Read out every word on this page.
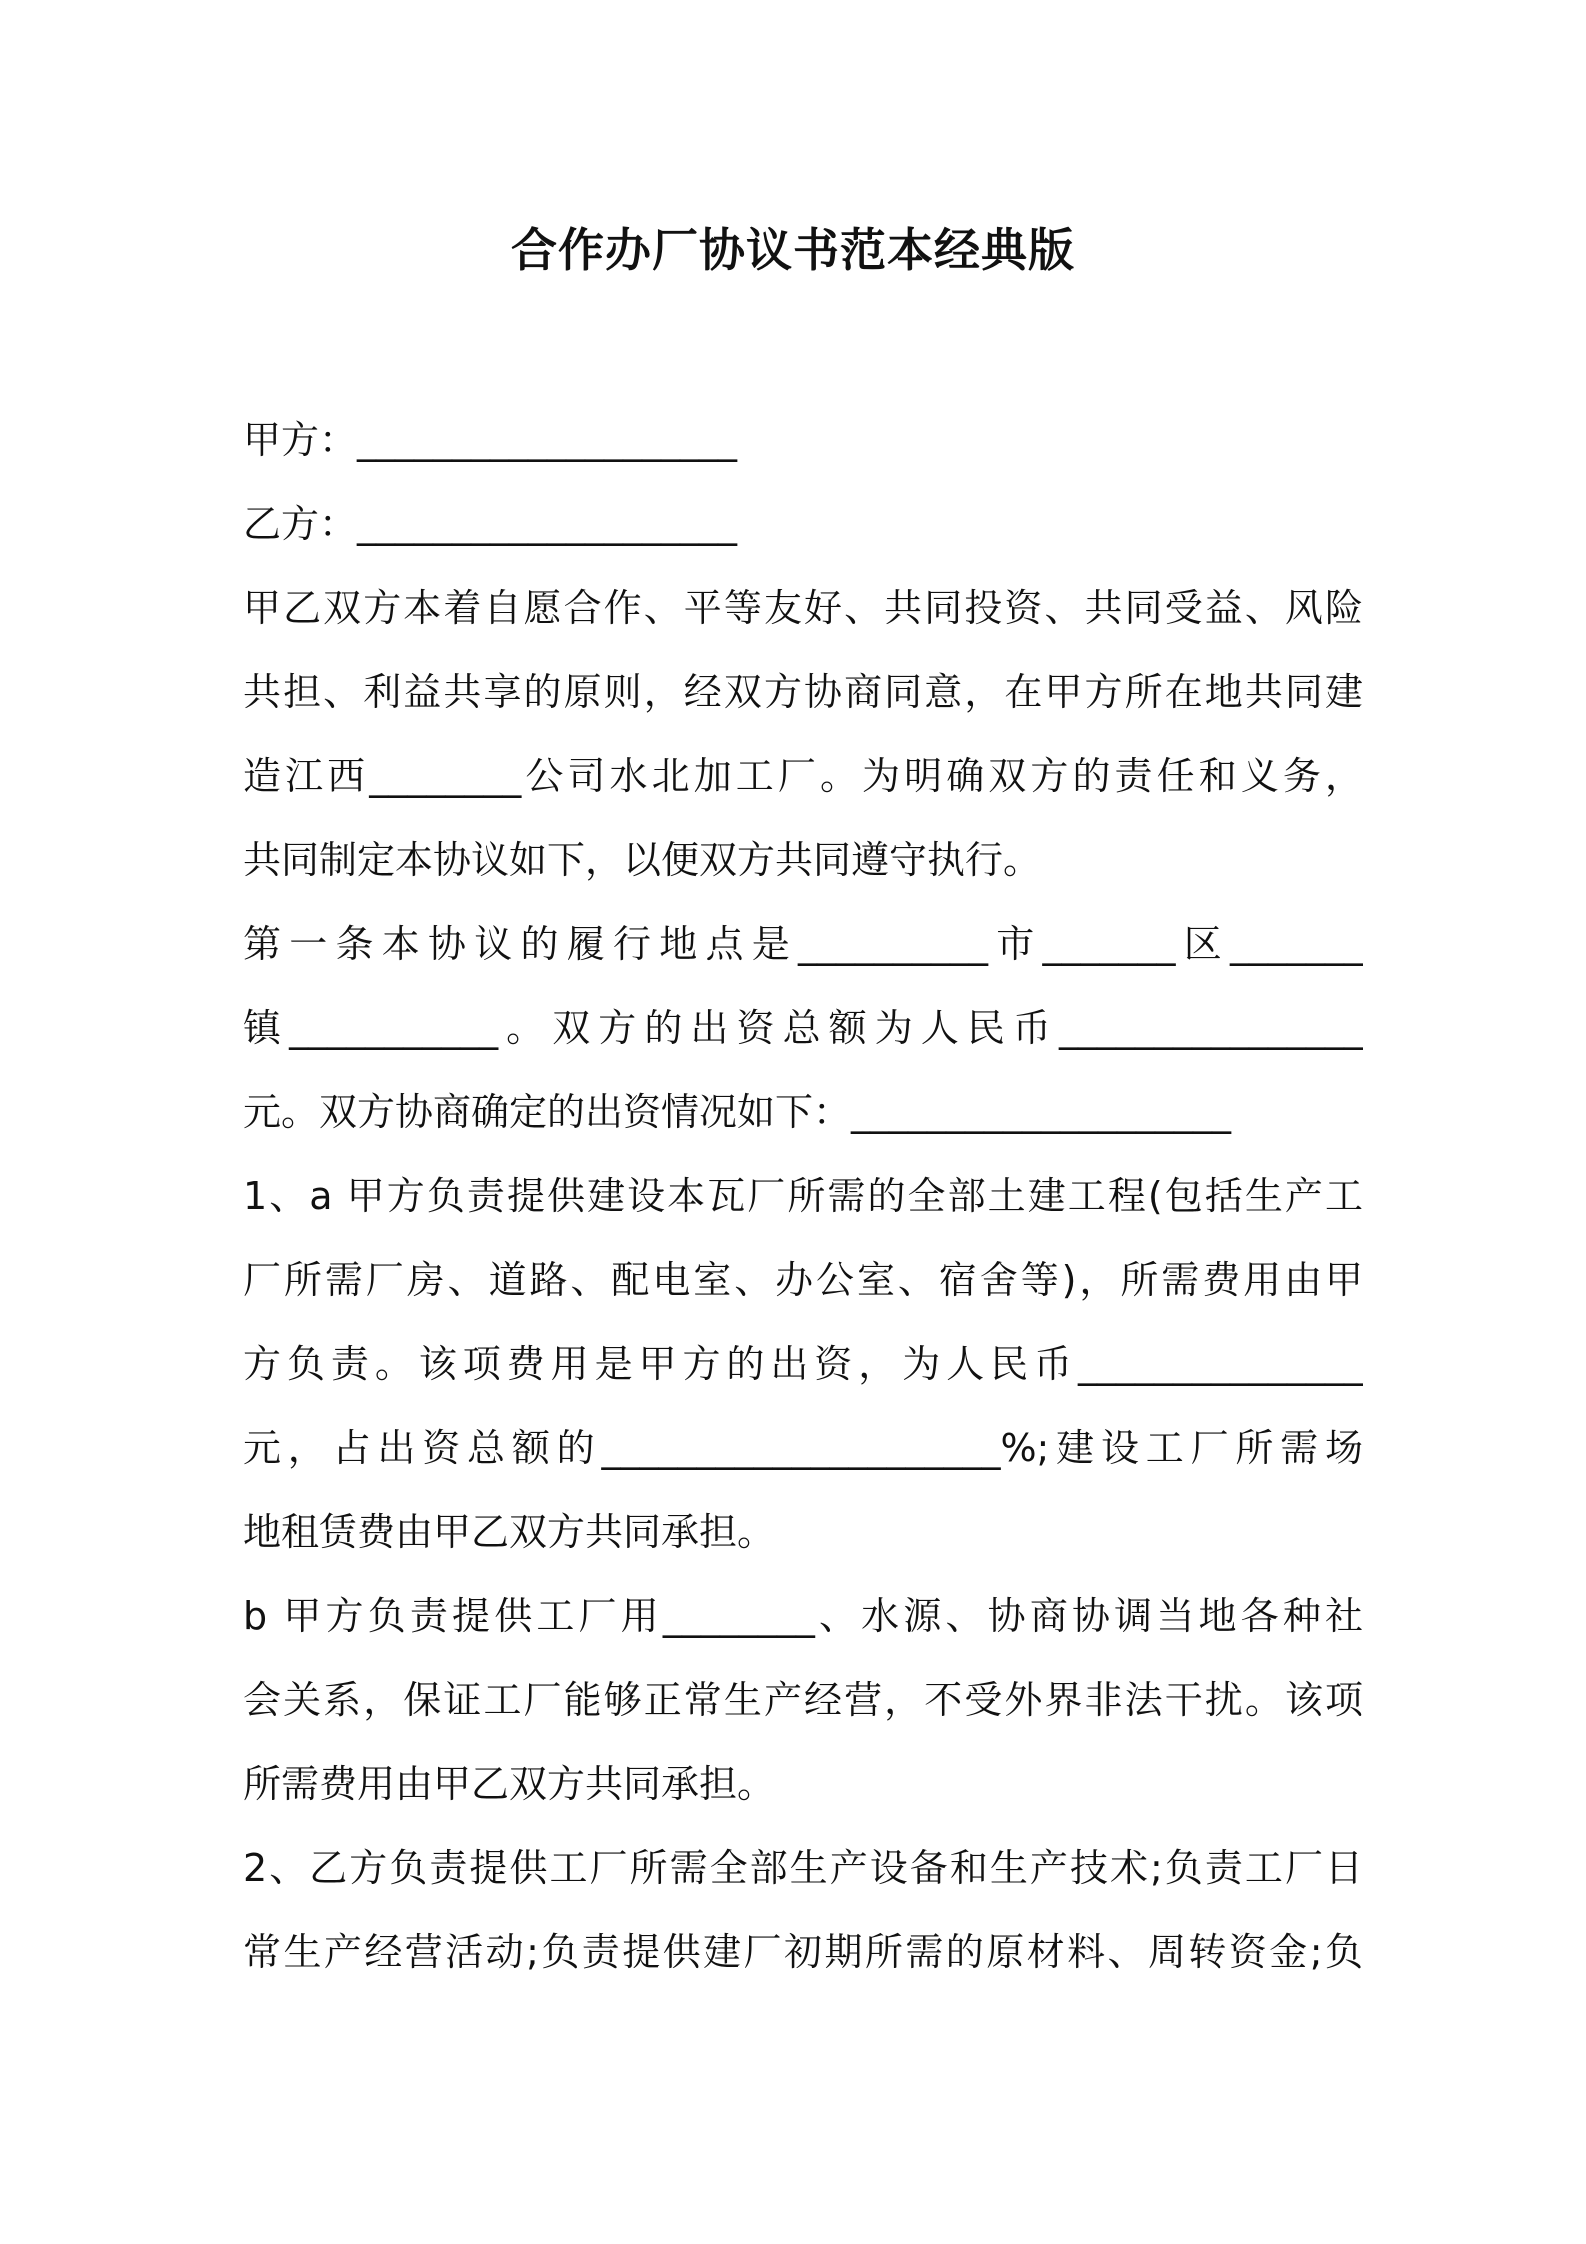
合作办厂协议书范本经典版
甲方：____________________
乙方：____________________
甲乙双方本着自愿合作、平等友好、共同投资、共同受益、风险
共担、利益共享的原则，经双方协商同意，在甲方所在地共同建
造江西________公司水北加工厂。为明确双方的责任和义务，
共同制定本协议如下，以便双方共同遵守执行。
第一条本协议的履行地点是__________市_______区_______
镇___________。双方的出资总额为人民币________________
元。双方协商确定的出资情况如下：____________________
1、a 甲方负责提供建设本瓦厂所需的全部土建工程(包括生产工
厂所需厂房、道路、配电室、办公室、宿舍等)，所需费用由甲
方负责。该项费用是甲方的出资，为人民币_______________
元，占出资总额的_____________________%;建设工厂所需场
地租赁费由甲乙双方共同承担。
b 甲方负责提供工厂用________、水源、协商协调当地各种社
会关系，保证工厂能够正常生产经营，不受外界非法干扰。该项
所需费用由甲乙双方共同承担。
2、乙方负责提供工厂所需全部生产设备和生产技术;负责工厂日
常生产经营活动;负责提供建厂初期所需的原材料、周转资金;负
